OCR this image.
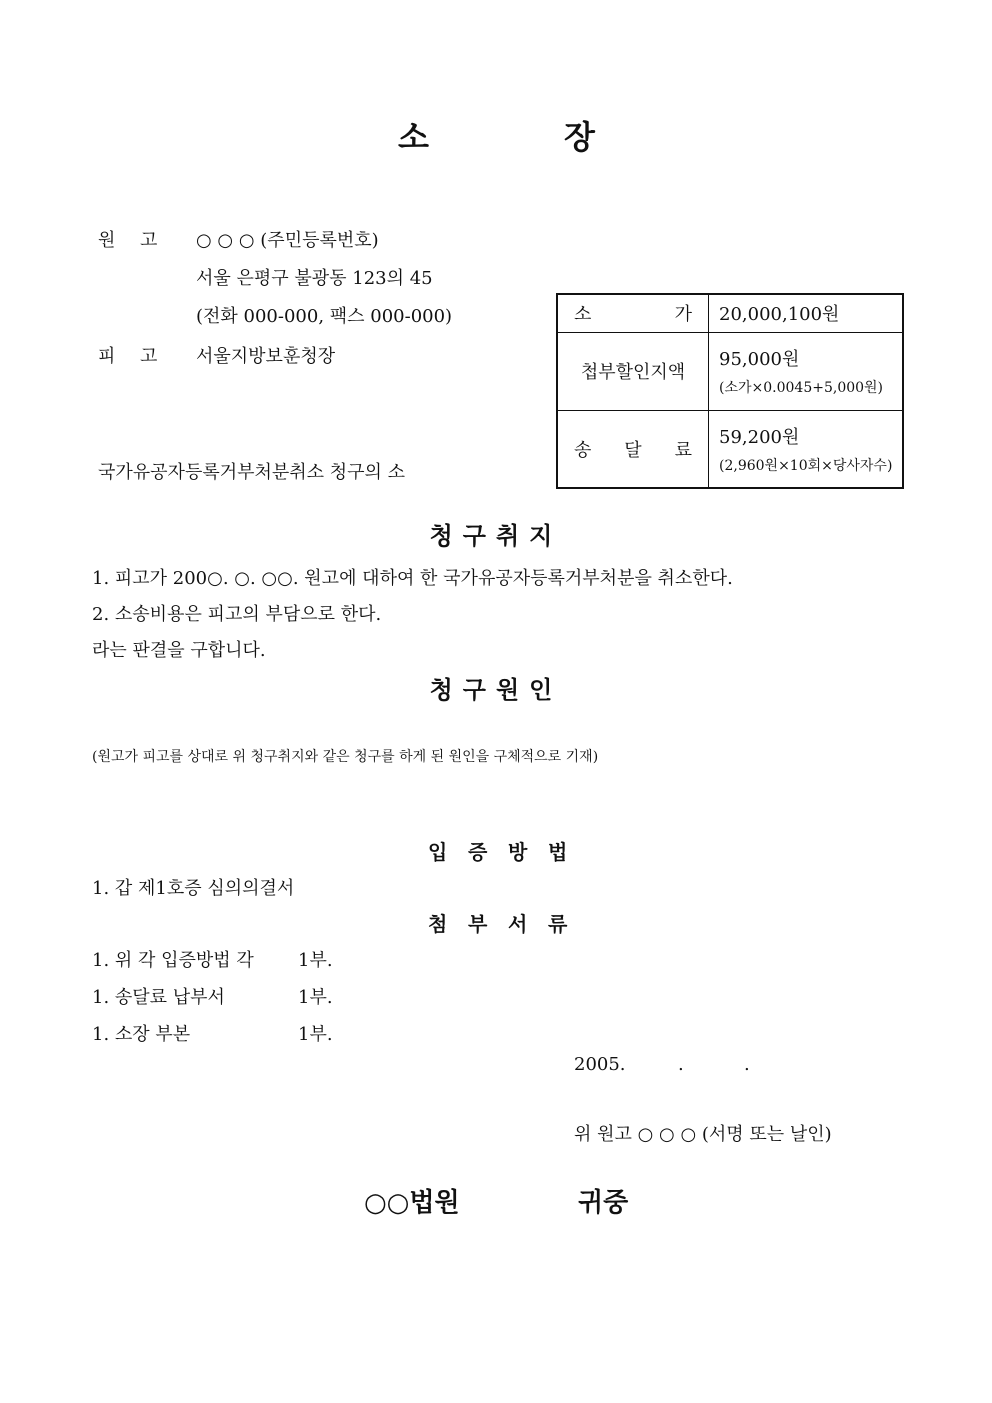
소	장
원 고 ○ ○ ○ (주민등록번호)
서울 은평구 불광동 123의 45
(전화 000-000, 팩스 000-000)
피 고 서울지방보훈청장
국가유공자등록거부처분취소 청구의 소
소 가	20,000,100원

첩부할인지액	95,000원
(소가×0.0045+5,000원)

송 달 료	59,200원
(2,960원×10회×당사자수)
청구취지
1. 피고가 200○. ○. ○○. 원고에 대하여 한 국가유공자등록거부처분을 취소한다.
2. 소송비용은 피고의 부담으로 한다.
라는 판결을 구합니다.
청구원인
(원고가 피고를 상대로 위 청구취지와 같은 청구를 하게 된 원인을 구체적으로 기재)
입 증 방 법
1. 갑 제1호증 심의의결서
첨 부 서 류
1. 위 각 입증방법 각 1부.
1. 송달료 납부서	1부.
1. 소장 부본	1부.
2005.	.	.
위 원고 ○ ○ ○ (서명 또는 날인)
○○법원	귀중
